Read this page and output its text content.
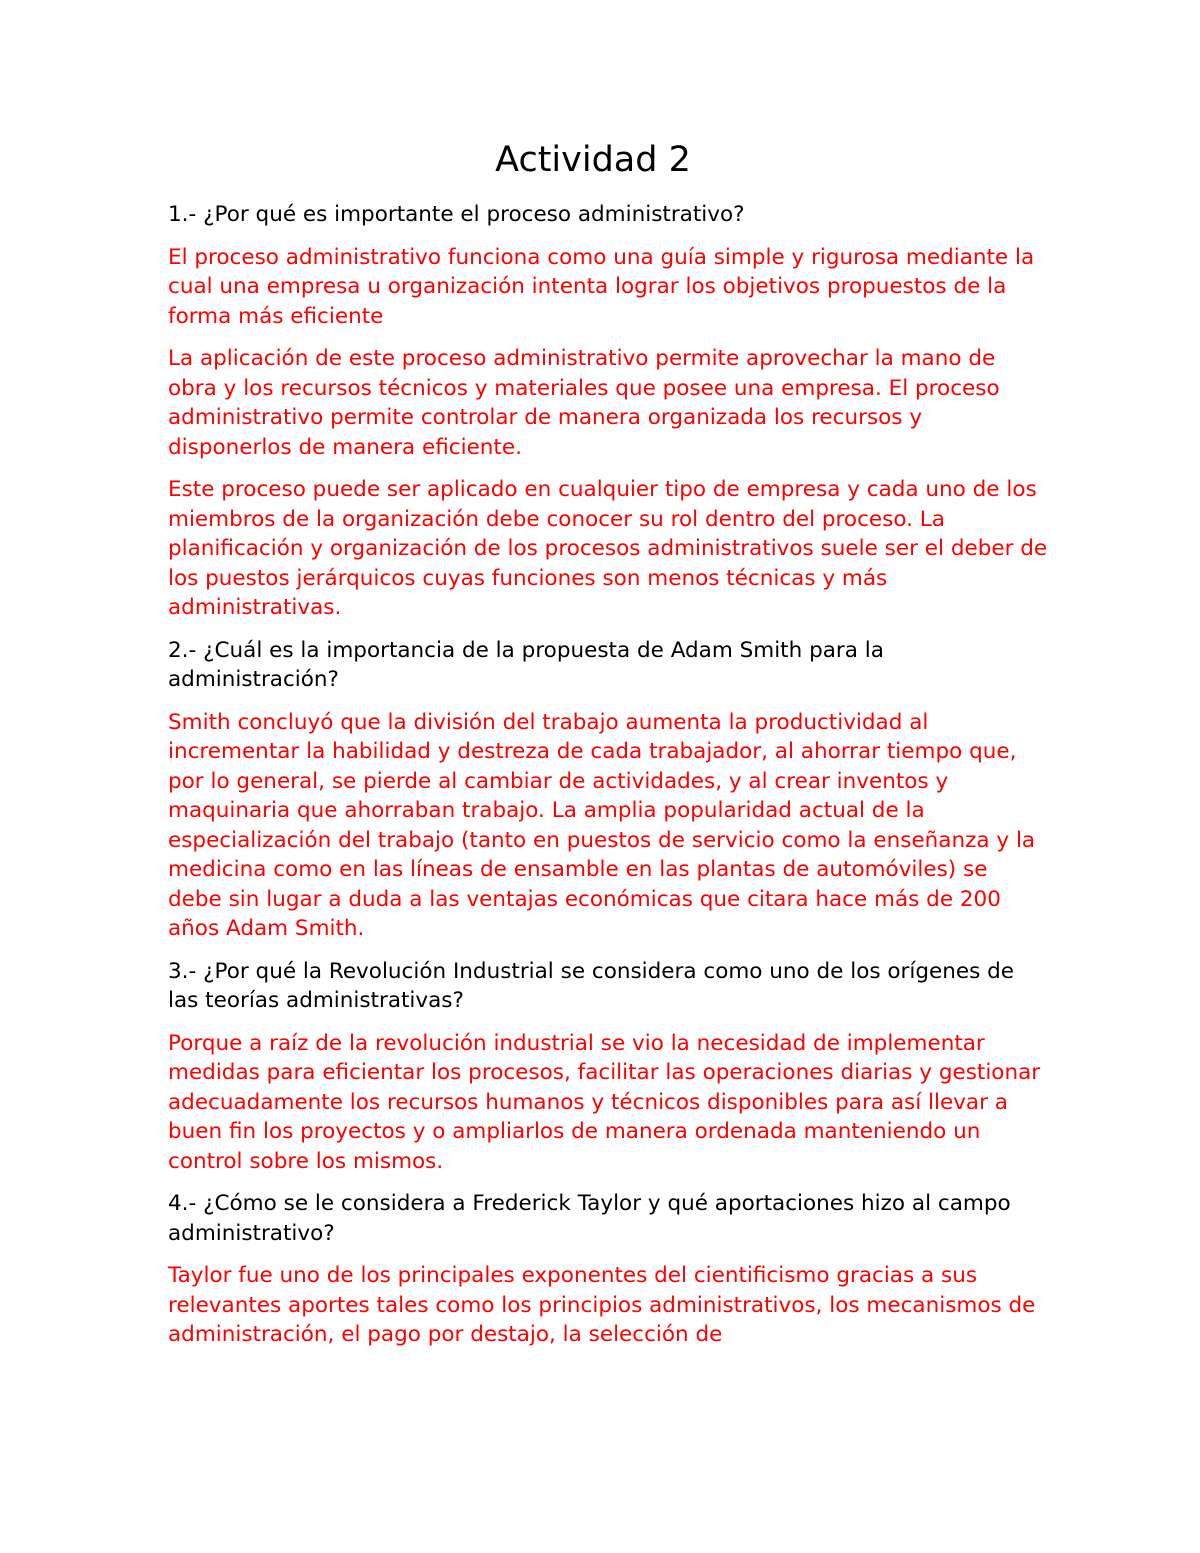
Actividad 2

1.- ¿Por qué es importante el proceso administrativo?

El proceso administrativo funciona como una guía simple y rigurosa mediante la cual una empresa u organización intenta lograr los objetivos propuestos de la forma más eficiente

La aplicación de este proceso administrativo permite aprovechar la mano de obra y los recursos técnicos y materiales que posee una empresa. El proceso administrativo permite controlar de manera organizada los recursos y disponerlos de manera eficiente.

Este proceso puede ser aplicado en cualquier tipo de empresa y cada uno de los miembros de la organización debe conocer su rol dentro del proceso. La planificación y organización de los procesos administrativos suele ser el deber de los puestos jerárquicos cuyas funciones son menos técnicas y más administrativas.

2.- ¿Cuál es la importancia de la propuesta de Adam Smith para la administración?

Smith concluyó que la división del trabajo aumenta la productividad al incrementar la habilidad y destreza de cada trabajador, al ahorrar tiempo que, por lo general, se pierde al cambiar de actividades, y al crear inventos y maquinaria que ahorraban trabajo. La amplia popularidad actual de la especialización del trabajo (tanto en puestos de servicio como la enseñanza y la medicina como en las líneas de ensamble en las plantas de automóviles) se debe sin lugar a duda a las ventajas económicas que citara hace más de 200 años Adam Smith.

3.- ¿Por qué la Revolución Industrial se considera como uno de los orígenes de las teorías administrativas?

Porque a raíz de la revolución industrial se vio la necesidad de implementar medidas para eficientar los procesos, facilitar las operaciones diarias y gestionar adecuadamente los recursos humanos y técnicos disponibles para así llevar a buen fin los proyectos y o ampliarlos de manera ordenada manteniendo un control sobre los mismos.

4.- ¿Cómo se le considera a Frederick Taylor y qué aportaciones hizo al campo administrativo?

Taylor fue uno de los principales exponentes del cientificismo gracias a sus relevantes aportes tales como los principios administrativos, los mecanismos de administración, el pago por destajo, la selección de
